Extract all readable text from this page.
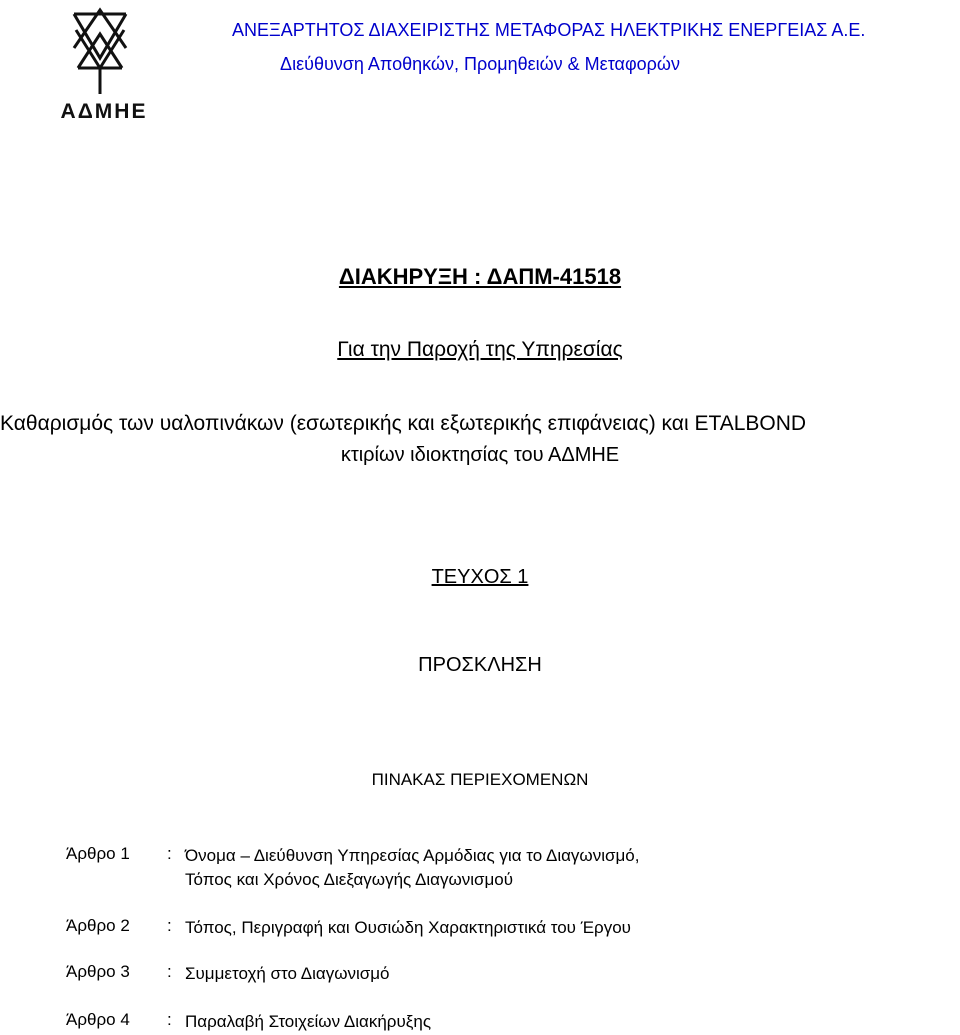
ΑΔΜΗΕ
ΑΝΕΞΑΡΤΗΤΟΣ ΔΙΑΧΕΙΡΙΣΤΗΣ ΜΕΤΑΦΟΡΑΣ ΗΛΕΚΤΡΙΚΗΣ ΕΝΕΡΓΕΙΑΣ Α.Ε.
Διεύθυνση Αποθηκών, Προμηθειών & Μεταφορών
ΔΙΑΚΗΡΥΞΗ : ΔΑΠΜ-41518
Για την Παροχή της Υπηρεσίας
Καθαρισμός των υαλοπινάκων (εσωτερικής και εξωτερικής επιφάνειας) και ETALBOND
κτιρίων ιδιοκτησίας του ΑΔΜΗΕ
ΤΕΥΧΟΣ 1
ΠΡΟΣΚΛΗΣΗ
ΠΙΝΑΚΑΣ ΠΕΡΙΕΧΟΜΕΝΩΝ
Άρθρο 1 : Όνομα – Διεύθυνση Υπηρεσίας Αρμόδιας για το Διαγωνισμό,
Τόπος και Χρόνος Διεξαγωγής Διαγωνισμού
Άρθρο 2 : Τόπος, Περιγραφή και Ουσιώδη Χαρακτηριστικά του Έργου
Άρθρο 3 : Συμμετοχή στο Διαγωνισμό
Άρθρο 4 : Παραλαβή Στοιχείων Διακήρυξης
